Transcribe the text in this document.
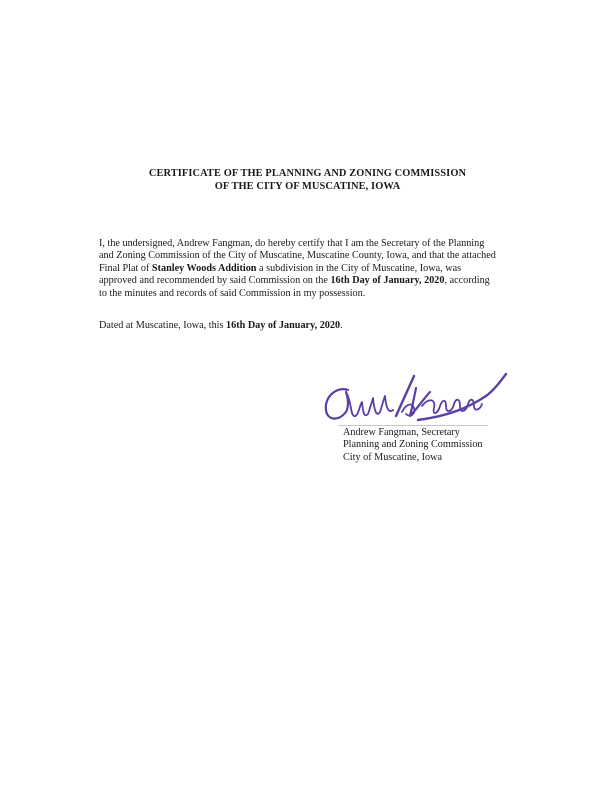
CERTIFICATE OF THE PLANNING AND ZONING COMMISSION
OF THE CITY OF MUSCATINE, IOWA
I, the undersigned, Andrew Fangman, do hereby certify that I am the Secretary of the Planning
and Zoning Commission of the City of Muscatine, Muscatine County, Iowa, and that the attached
Final Plat of Stanley Woods Addition a subdivision in the City of Muscatine, Iowa, was
approved and recommended by said Commission on the 16th Day of January, 2020, according
to the minutes and records of said Commission in my possession.
Dated at Muscatine, Iowa, this 16th Day of January, 2020.
Andrew Fangman, Secretary
Planning and Zoning Commission
City of Muscatine, Iowa
